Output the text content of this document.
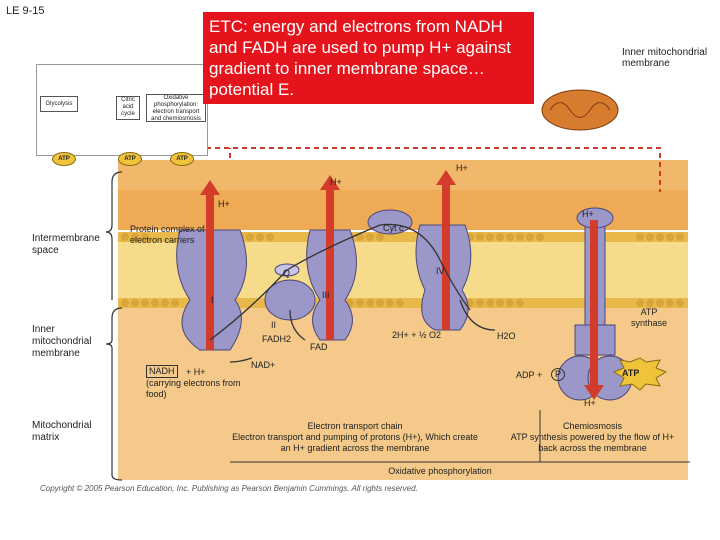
LE 9-15
Glycolysis
Citric acid cycle
Oxidative phosphorylation: electron transport and chemiosmosis
ATP	ATP	ATP
ETC: energy and electrons from NADH and FADH are used to pump H+ against gradient to inner membrane space…potential E.
Inner mitochondrial membrane
Intermembrane space
Inner mitochondrial membrane
Mitochondrial matrix
Protein complex of electron carriers
Cyt c
Q
I
II
III
IV
ATP synthase
FADH2
FAD
NAD+
NADH	+ H+
(carrying electrons from food)
2H+ + ½ O2	H2O
ADP +	P	ATP
H+
H+
H+
H+
H+
Electron transport chain
Electron transport and pumping of protons (H+), Which create an H+ gradient across the membrane
Chemiosmosis
ATP synthesis powered by the flow of H+ back across the membrane
Oxidative phosphorylation
Copyright © 2005 Pearson Education, Inc. Publishing as Pearson Benjamin Cummings. All rights reserved.
